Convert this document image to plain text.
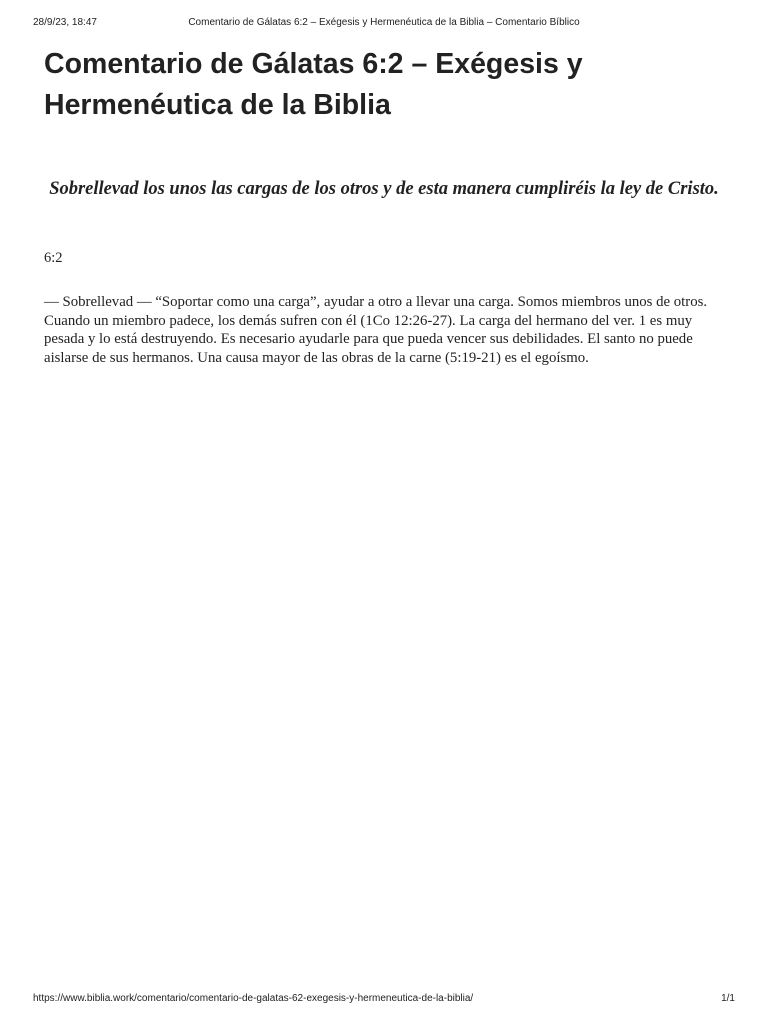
28/9/23, 18:47	Comentario de Gálatas 6:2 – Exégesis y Hermenéutica de la Biblia – Comentario Bíblico
Comentario de Gálatas 6:2 – Exégesis y Hermenéutica de la Biblia

Sobrellevad los unos las cargas de los otros y de esta manera cumpliréis la ley de Cristo.

6:2

— Sobrellevad — “Soportar como una carga”, ayudar a otro a llevar una carga. Somos miembros unos de otros. Cuando un miembro padece, los demás sufren con él (1Co 12:26-27). La carga del hermano del ver. 1 es muy pesada y lo está destruyendo. Es necesario ayudarle para que pueda vencer sus debilidades. El santo no puede aislarse de sus hermanos. Una causa mayor de las obras de la carne (5:19-21) es el egoísmo.

https://www.biblia.work/comentario/comentario-de-galatas-62-exegesis-y-hermeneutica-de-la-biblia/	1/1
